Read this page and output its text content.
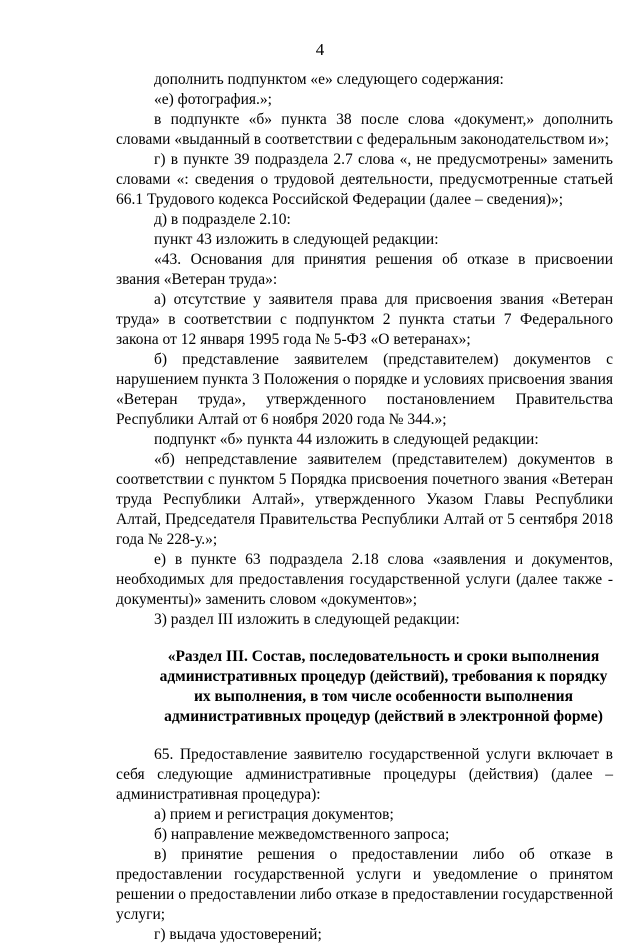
4

дополнить подпунктом «е» следующего содержания:

«е) фотография.»;

в подпункте «б» пункта 38 после слова «документ,» дополнить словами «выданный в соответствии с федеральным законодательством и»;

г) в пункте 39 подраздела 2.7 слова «, не предусмотрены» заменить словами «: сведения о трудовой деятельности, предусмотренные статьей 66.1 Трудового кодекса Российской Федерации (далее – сведения)»;

д) в подразделе 2.10:

пункт 43 изложить в следующей редакции:

«43. Основания для принятия решения об отказе в присвоении звания «Ветеран труда»:

а) отсутствие у заявителя права для присвоения звания «Ветеран труда» в соответствии с подпунктом 2 пункта статьи 7 Федерального закона от 12 января 1995 года № 5-ФЗ «О ветеранах»;

б) представление заявителем (представителем) документов с нарушением пункта 3 Положения о порядке и условиях присвоения звания «Ветеран труда», утвержденного постановлением Правительства Республики Алтай от 6 ноября 2020 года № 344.»;

подпункт «б» пункта 44 изложить в следующей редакции:

«б) непредставление заявителем (представителем) документов в соответствии с пунктом 5 Порядка присвоения почетного звания «Ветеран труда Республики Алтай», утвержденного Указом Главы Республики Алтай, Председателя Правительства Республики Алтай от 5 сентября 2018 года № 228-у.»;

е) в пункте 63 подраздела 2.18 слова «заявления и документов, необходимых для предоставления государственной услуги (далее также - документы)» заменить словом «документов»;

3) раздел III изложить в следующей редакции:

«Раздел III. Состав, последовательность и сроки выполнения административных процедур (действий), требования к порядку их выполнения, в том числе особенности выполнения административных процедур (действий в электронной форме)

65. Предоставление заявителю государственной услуги включает в себя следующие административные процедуры (действия) (далее – административная процедура):

а) прием и регистрация документов;

б) направление межведомственного запроса;

в) принятие решения о предоставлении либо об отказе в предоставлении государственной услуги и уведомление о принятом решении о предоставлении либо отказе в предоставлении государственной услуги;

г) выдача удостоверений;
